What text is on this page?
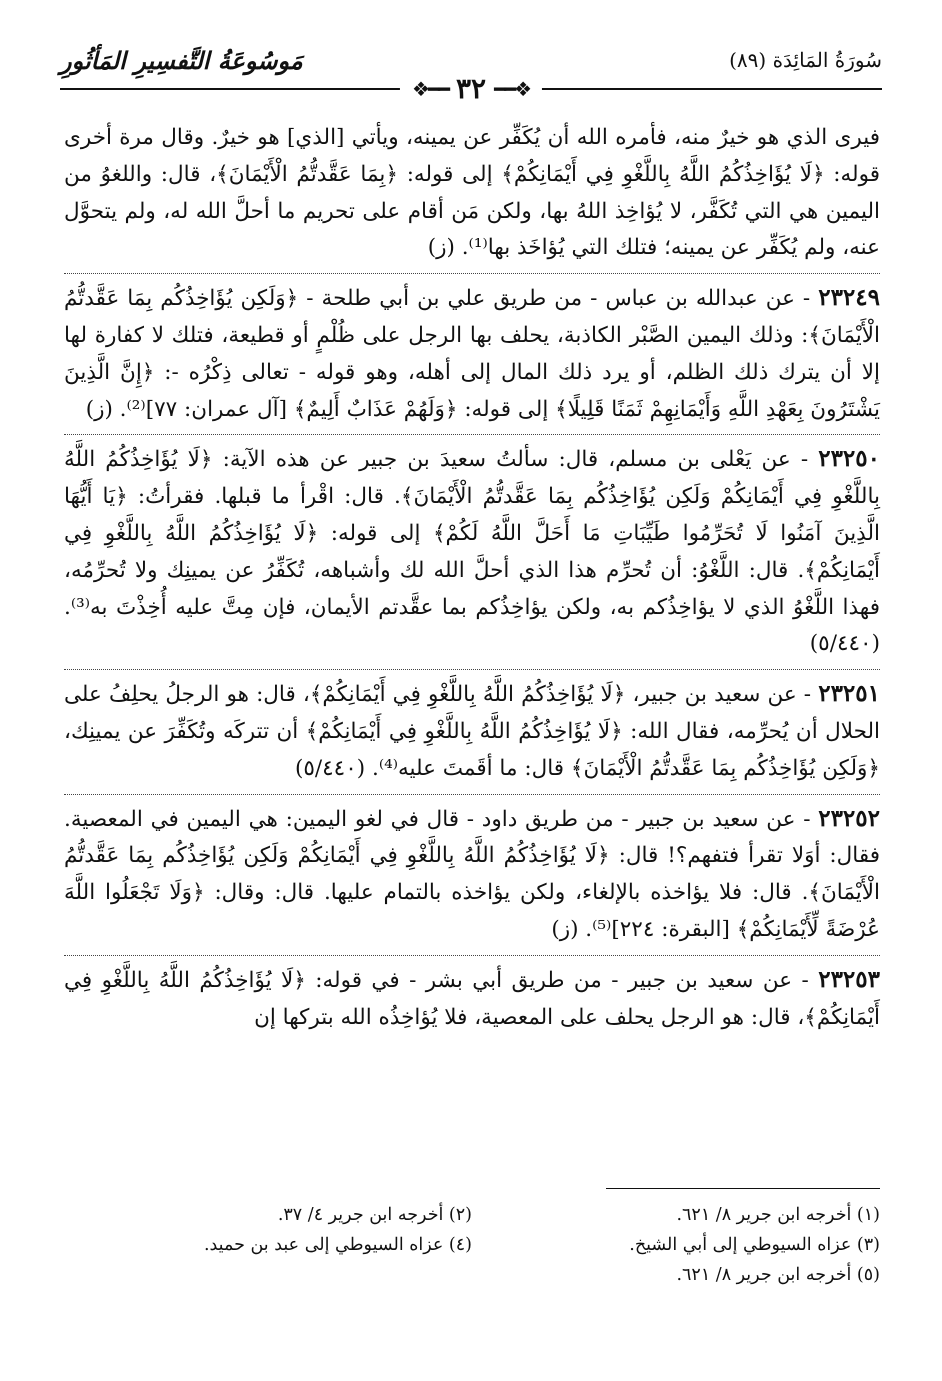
سُورَةُ المَائِدَة (٨٩)
مَوسُوعَةُ التَّفسِيرِ المَأثُورِ
❖━━ ٣٢ ━━❖

فيرى الذي هو خيرٌ منه، فأمره الله أن يُكَفِّر عن يمينه، ويأتي [الذي] هو خيرٌ. وقال مرة أخرى قوله: ﴿لَا يُؤَاخِذُكُمُ اللَّهُ بِاللَّغْوِ فِي أَيْمَانِكُمْ﴾ إلى قوله: ﴿بِمَا عَقَّدتُّمُ الْأَيْمَانَ﴾، قال: واللغوُ من اليمين هي التي تُكَفَّر، لا يُؤاخِذ اللهُ بها، ولكن مَن أقام على تحريم ما أحلَّ الله له، ولم يتحوَّل عنه، ولم يُكَفِّر عن يمينه؛ فتلك التي يُؤاخَذ بها⁽¹⁾. (ز)

٢٣٢٤٩ - عن عبدالله بن عباس - من طريق علي بن أبي طلحة - ﴿وَلَكِن يُؤَاخِذُكُم بِمَا عَقَّدتُّمُ الْأَيْمَانَ﴾: وذلك اليمين الصَّبْر الكاذبة، يحلف بها الرجل على ظُلْمٍ أو قطيعة، فتلك لا كفارة لها إلا أن يترك ذلك الظلم، أو يرد ذلك المال إلى أهله، وهو قوله - تعالى ذِكْرُه -: ﴿إِنَّ الَّذِينَ يَشْتَرُونَ بِعَهْدِ اللَّهِ وَأَيْمَانِهِمْ ثَمَنًا قَلِيلًا﴾ إلى قوله: ﴿وَلَهُمْ عَذَابٌ أَلِيمٌ﴾ [آل عمران: ٧٧]⁽²⁾. (ز)

٢٣٢٥٠ - عن يَعْلى بن مسلم، قال: سألتُ سعيدَ بن جبير عن هذه الآية: ﴿لَا يُؤَاخِذُكُمُ اللَّهُ بِاللَّغْوِ فِي أَيْمَانِكُمْ وَلَكِن يُؤَاخِذُكُم بِمَا عَقَّدتُّمُ الْأَيْمَانَ﴾. قال: اقْرأ ما قبلها. فقرأتُ: ﴿يَا أَيُّهَا الَّذِينَ آمَنُوا لَا تُحَرِّمُوا طَيِّبَاتِ مَا أَحَلَّ اللَّهُ لَكُمْ﴾ إلى قوله: ﴿لَا يُؤَاخِذُكُمُ اللَّهُ بِاللَّغْوِ فِي أَيْمَانِكُمْ﴾. قال: اللَّغْوُ: أن تُحرِّم هذا الذي أحلَّ الله لك وأشباهه، تُكَفِّرُ عن يمينِك ولا تُحرِّمُه، فهذا اللَّغْوُ الذي لا يؤاخِذُكم به، ولكن يؤاخِذُكم بما عقَّدتم الأيمان، فإن مِتَّ عليه أُخِذْتَ به⁽³⁾. (٥/٤٤٠)

٢٣٢٥١ - عن سعيد بن جبير، ﴿لَا يُؤَاخِذُكُمُ اللَّهُ بِاللَّغْوِ فِي أَيْمَانِكُمْ﴾، قال: هو الرجلُ يحلِفُ على الحلال أن يُحرِّمه، فقال الله: ﴿لَا يُؤَاخِذُكُمُ اللَّهُ بِاللَّغْوِ فِي أَيْمَانِكُمْ﴾ أن تتركَه وتُكَفِّرَ عن يمينِك، ﴿وَلَكِن يُؤَاخِذُكُم بِمَا عَقَّدتُّمُ الْأَيْمَانَ﴾ قال: ما أقَمتَ عليه⁽⁴⁾. (٥/٤٤٠)

٢٣٢٥٢ - عن سعيد بن جبير - من طريق داود - قال في لغو اليمين: هي اليمين في المعصية. فقال: أوَلا تقرأ فتفهم؟! قال: ﴿لَا يُؤَاخِذُكُمُ اللَّهُ بِاللَّغْوِ فِي أَيْمَانِكُمْ وَلَكِن يُؤَاخِذُكُم بِمَا عَقَّدتُّمُ الْأَيْمَانَ﴾. قال: فلا يؤاخذه بالإلغاء، ولكن يؤاخذه بالتمام عليها. قال: وقال: ﴿وَلَا تَجْعَلُوا اللَّهَ عُرْضَةً لِّأَيْمَانِكُمْ﴾ [البقرة: ٢٢٤]⁽⁵⁾. (ز)

٢٣٢٥٣ - عن سعيد بن جبير - من طريق أبي بشر - في قوله: ﴿لَا يُؤَاخِذُكُمُ اللَّهُ بِاللَّغْوِ فِي أَيْمَانِكُمْ﴾، قال: هو الرجل يحلف على المعصية، فلا يُؤاخِذُه الله بتركها إن

(١) أخرجه ابن جرير ٨/ ٦٢١.
(٢) أخرجه ابن جرير ٤/ ٣٧.
(٣) عزاه السيوطي إلى أبي الشيخ.
(٤) عزاه السيوطي إلى عبد بن حميد.
(٥) أخرجه ابن جرير ٨/ ٦٢١.
